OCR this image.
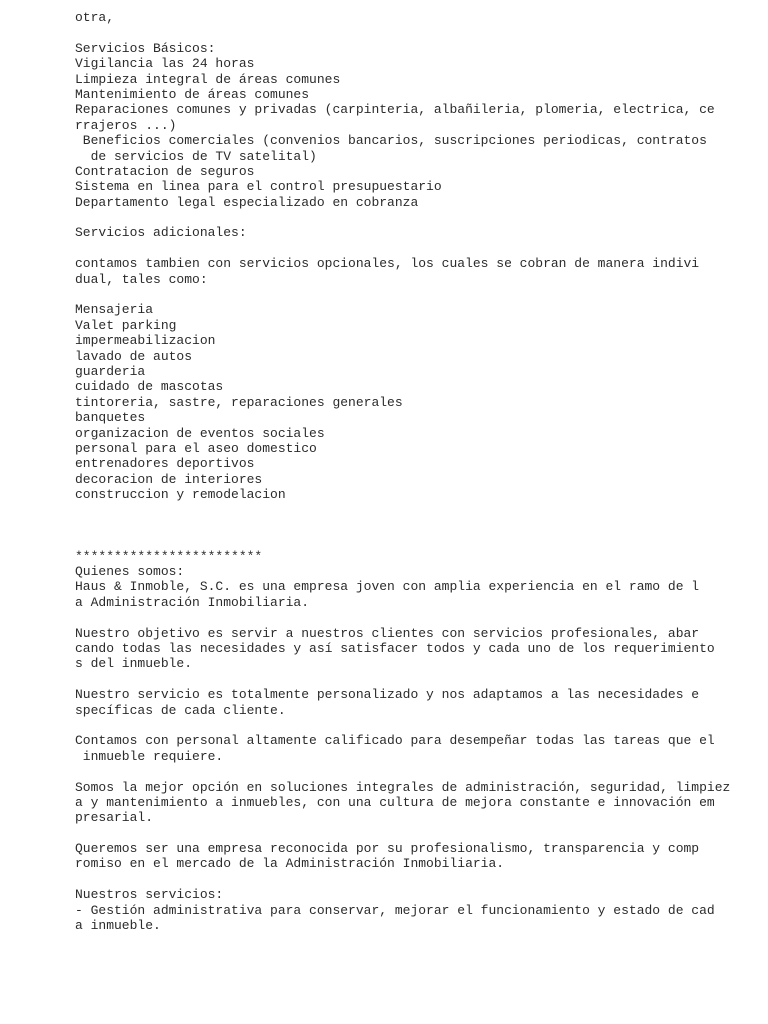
otra,
Servicios Básicos:
Vigilancia las 24 horas
Limpieza integral de áreas comunes
Mantenimiento de áreas comunes
Reparaciones comunes y privadas (carpinteria, albañileria, plomeria, electrica, ce
rrajeros ...)
Beneficios comerciales (convenios bancarios, suscripciones periodicas, contratos
de servicios de TV satelital)
Contratacion de seguros
Sistema en linea para el control presupuestario
Departamento legal especializado en cobranza
Servicios adicionales:
contamos tambien con servicios opcionales, los cuales se cobran de manera indivi
dual, tales como:
Mensajeria
Valet parking
impermeabilizacion
lavado de autos
guarderia
cuidado de mascotas
tintoreria, sastre, reparaciones generales
banquetes
organizacion de eventos sociales
personal para el aseo domestico
entrenadores deportivos
decoracion de interiores
construccion y remodelacion
************************
Quienes somos:
Haus & Inmoble, S.C. es una empresa joven con amplia experiencia en el ramo de l
a Administración Inmobiliaria.
Nuestro objetivo es servir a nuestros clientes con servicios profesionales, abar
cando todas las necesidades y así satisfacer todos y cada uno de los requerimiento
s del inmueble.
Nuestro servicio es totalmente personalizado y nos adaptamos a las necesidades e
specíficas de cada cliente.
Contamos con personal altamente calificado para desempeñar todas las tareas que el
inmueble requiere.
Somos la mejor opción en soluciones integrales de administración, seguridad, limpiez
a y mantenimiento a inmuebles, con una cultura de mejora constante e innovación em
presarial.
Queremos ser una empresa reconocida por su profesionalismo, transparencia y comp
romiso en el mercado de la Administración Inmobiliaria.
Nuestros servicios:
- Gestión administrativa para conservar, mejorar el funcionamiento y estado de cad
a inmueble.
